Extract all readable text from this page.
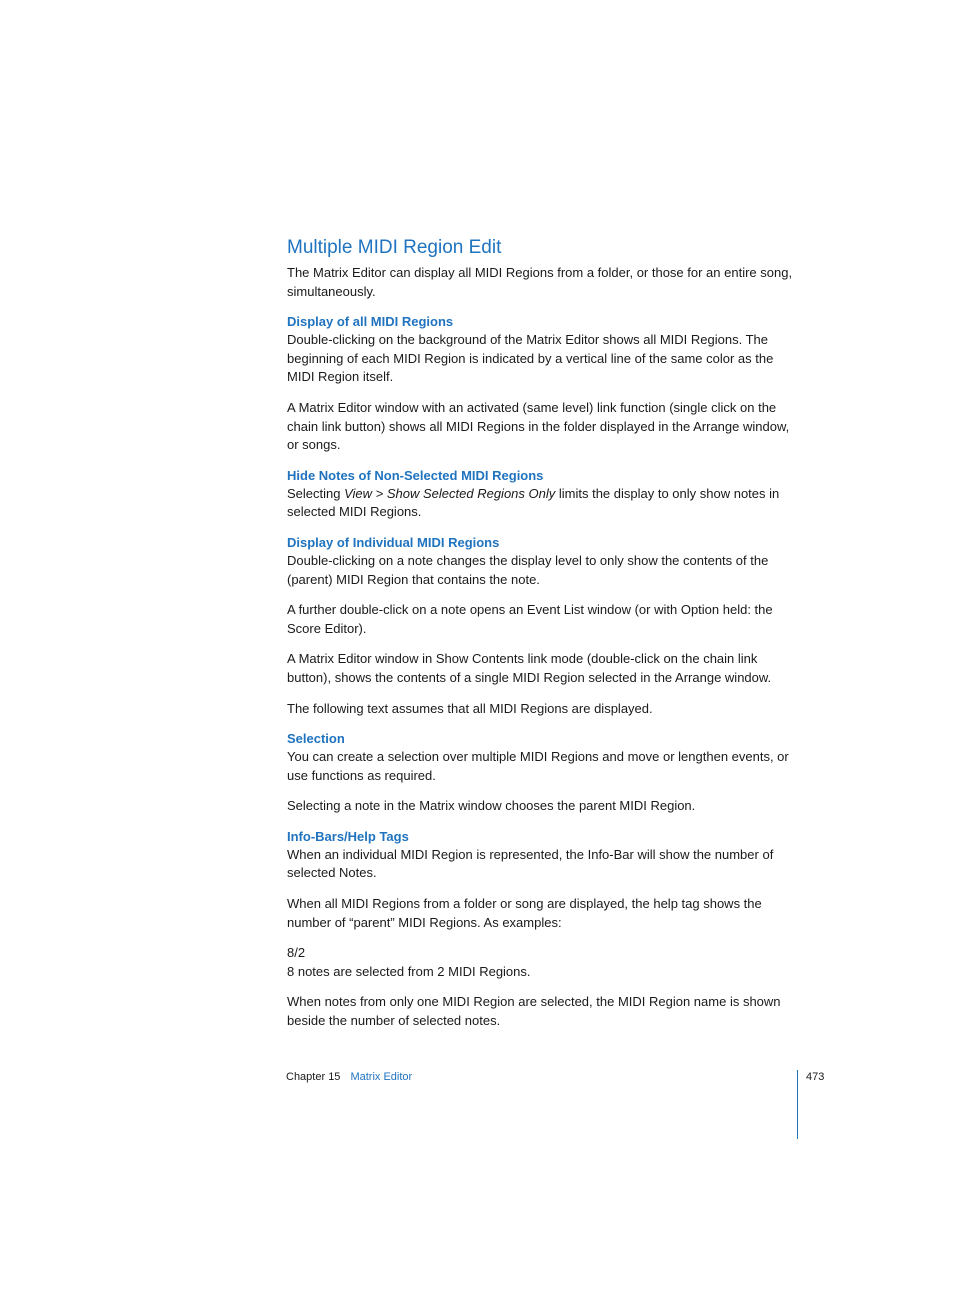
Multiple MIDI Region Edit

The Matrix Editor can display all MIDI Regions from a folder, or those for an entire song, simultaneously.

Display of all MIDI Regions

Double-clicking on the background of the Matrix Editor shows all MIDI Regions. The beginning of each MIDI Region is indicated by a vertical line of the same color as the MIDI Region itself.

A Matrix Editor window with an activated (same level) link function (single click on the chain link button) shows all MIDI Regions in the folder displayed in the Arrange window, or songs.

Hide Notes of Non-Selected MIDI Regions

Selecting View > Show Selected Regions Only limits the display to only show notes in selected MIDI Regions.

Display of Individual MIDI Regions

Double-clicking on a note changes the display level to only show the contents of the (parent) MIDI Region that contains the note.

A further double-click on a note opens an Event List window (or with Option held: the Score Editor).

A Matrix Editor window in Show Contents link mode (double-click on the chain link button), shows the contents of a single MIDI Region selected in the Arrange window.

The following text assumes that all MIDI Regions are displayed.

Selection

You can create a selection over multiple MIDI Regions and move or lengthen events, or use functions as required.

Selecting a note in the Matrix window chooses the parent MIDI Region.

Info-Bars/Help Tags

When an individual MIDI Region is represented, the Info-Bar will show the number of selected Notes.

When all MIDI Regions from a folder or song are displayed, the help tag shows the number of “parent” MIDI Regions. As examples:

8/2

8 notes are selected from 2 MIDI Regions.

When notes from only one MIDI Region are selected, the MIDI Region name is shown beside the number of selected notes.

Chapter 15 Matrix Editor	473
